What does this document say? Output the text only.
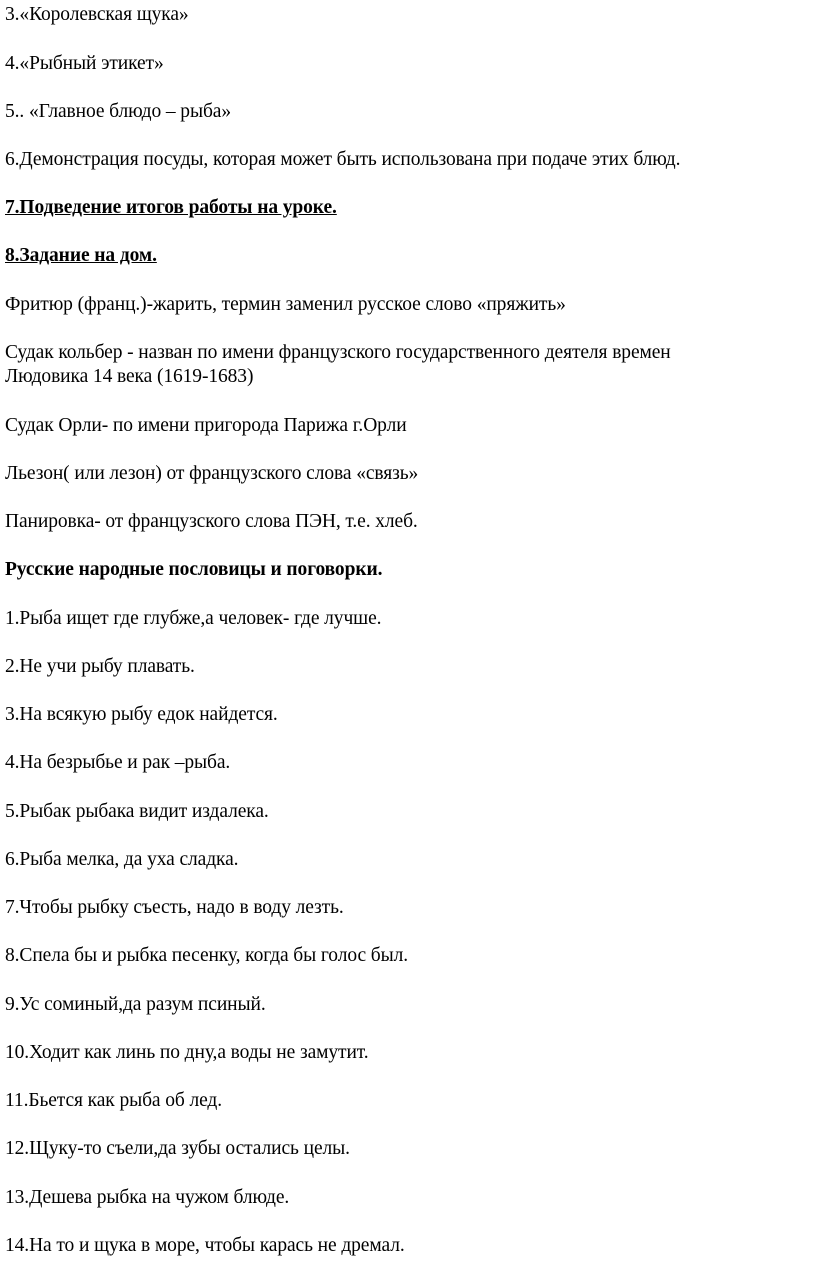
3.«Королевская щука»
4.«Рыбный этикет»
5.. «Главное блюдо – рыба»
6.Демонстрация посуды, которая может быть использована при подаче этих блюд.
7.Подведение итогов работы на уроке.
8.Задание на дом.
Фритюр (франц.)-жарить, термин заменил русское слово «пряжить»
Судак кольбер - назван по имени французского государственного деятеля времен
Людовика 14 века (1619-1683)
Судак Орли- по имени пригорода Парижа г.Орли
Льезон( или лезон) от французского слова «связь»
Панировка- от французского слова ПЭН, т.е. хлеб.
Русские народные пословицы и поговорки.
1.Рыба ищет где глубже,а человек- где лучше.
2.Не учи рыбу плавать.
3.На всякую рыбу едок найдется.
4.На безрыбье и рак –рыба.
5.Рыбак рыбака видит издалека.
6.Рыба мелка, да уха сладка.
7.Чтобы рыбку съесть, надо в воду лезть.
8.Спела бы и рыбка песенку, когда бы голос был.
9.Ус соминый,да разум псиный.
10.Ходит как линь по дну,а воды не замутит.
11.Бьется как рыба об лед.
12.Щуку-то съели,да зубы остались целы.
13.Дешева рыбка на чужом блюде.
14.На то и щука в море, чтобы карась не дремал.
